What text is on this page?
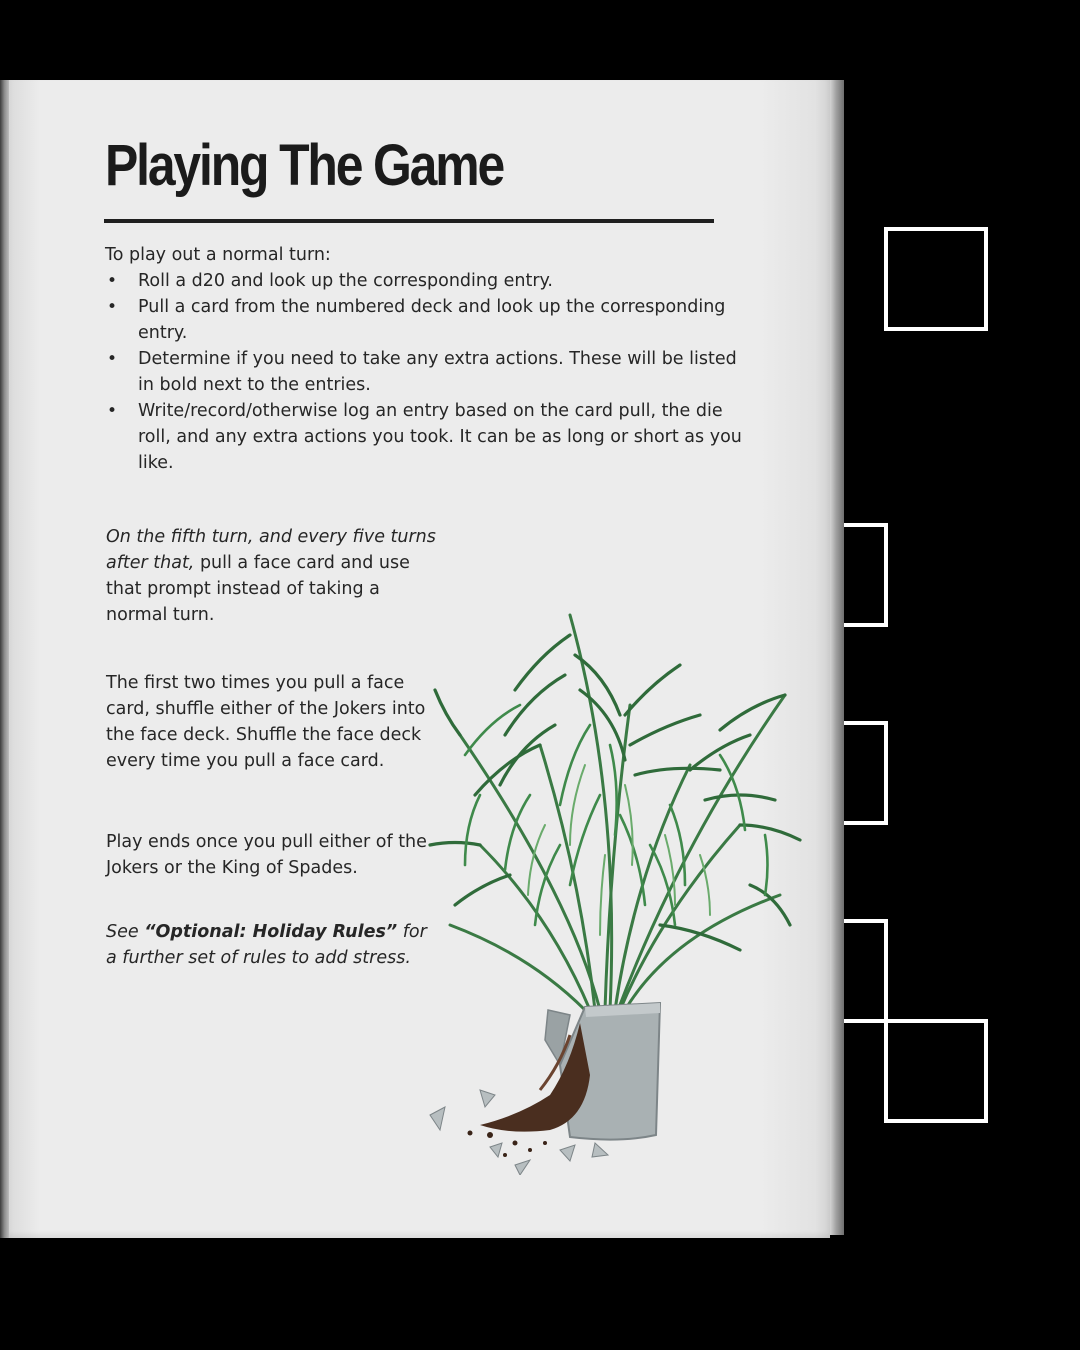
Playing The Game
To play out a normal turn:
• Roll a d20 and look up the corresponding entry.
• Pull a card from the numbered deck and look up the corresponding entry.
• Determine if you need to take any extra actions. These will be listed in bold next to the entries.
• Write/record/otherwise log an entry based on the card pull, the die roll, and any extra actions you took. It can be as long or short as you like.
On the fifth turn, and every five turns after that, pull a face card and use that prompt instead of taking a normal turn.
The first two times you pull a face card, shuffle either of the Jokers into the face deck. Shuffle the face deck every time you pull a face card.
Play ends once you pull either of the Jokers or the King of Spades.
See “Optional: Holiday Rules” for a further set of rules to add stress.
